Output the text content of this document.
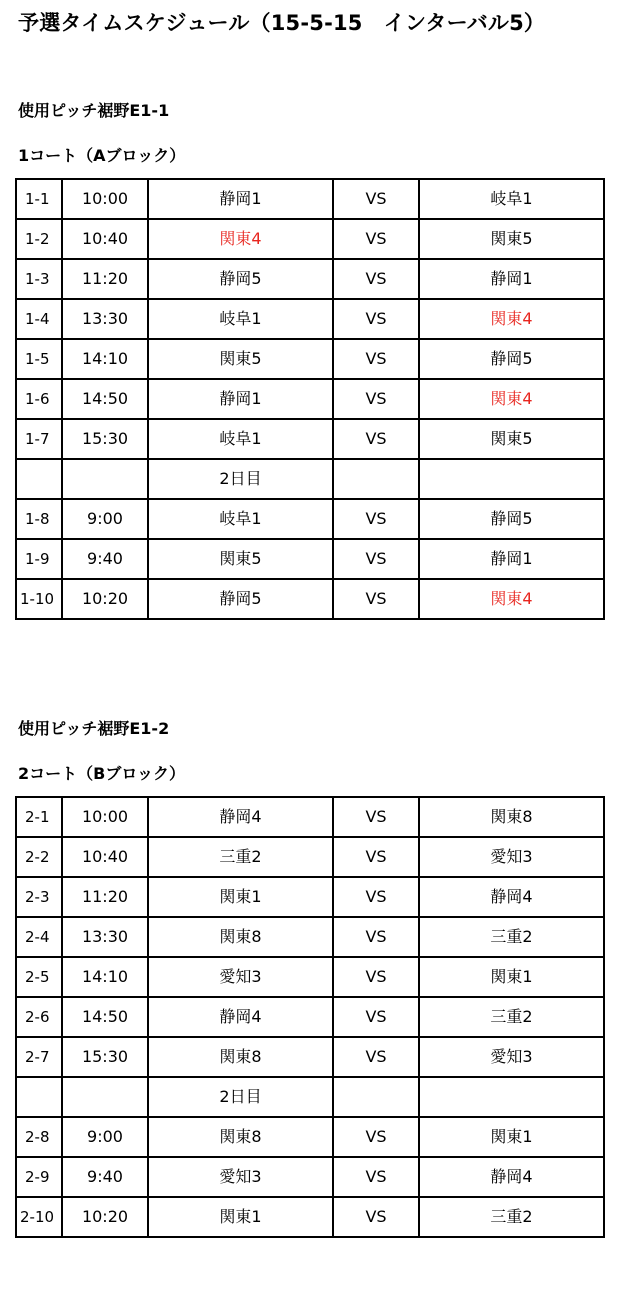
予選タイムスケジュール（15-5-15　インターバル5）
使用ピッチ裾野E1-1
1コート（Aブロック）
1-1	10:00	静岡1	VS	岐阜1
1-2	10:40	関東4	VS	関東5
1-3	11:20	静岡5	VS	静岡1
1-4	13:30	岐阜1	VS	関東4
1-5	14:10	関東5	VS	静岡5
1-6	14:50	静岡1	VS	関東4
1-7	15:30	岐阜1	VS	関東5
		2日目		
1-8	9:00	岐阜1	VS	静岡5
1-9	9:40	関東5	VS	静岡1
1-10	10:20	静岡5	VS	関東4
使用ピッチ裾野E1-2
2コート（Bブロック）
2-1	10:00	静岡4	VS	関東8
2-2	10:40	三重2	VS	愛知3
2-3	11:20	関東1	VS	静岡4
2-4	13:30	関東8	VS	三重2
2-5	14:10	愛知3	VS	関東1
2-6	14:50	静岡4	VS	三重2
2-7	15:30	関東8	VS	愛知3
		2日目		
2-8	9:00	関東8	VS	関東1
2-9	9:40	愛知3	VS	静岡4
2-10	10:20	関東1	VS	三重2
